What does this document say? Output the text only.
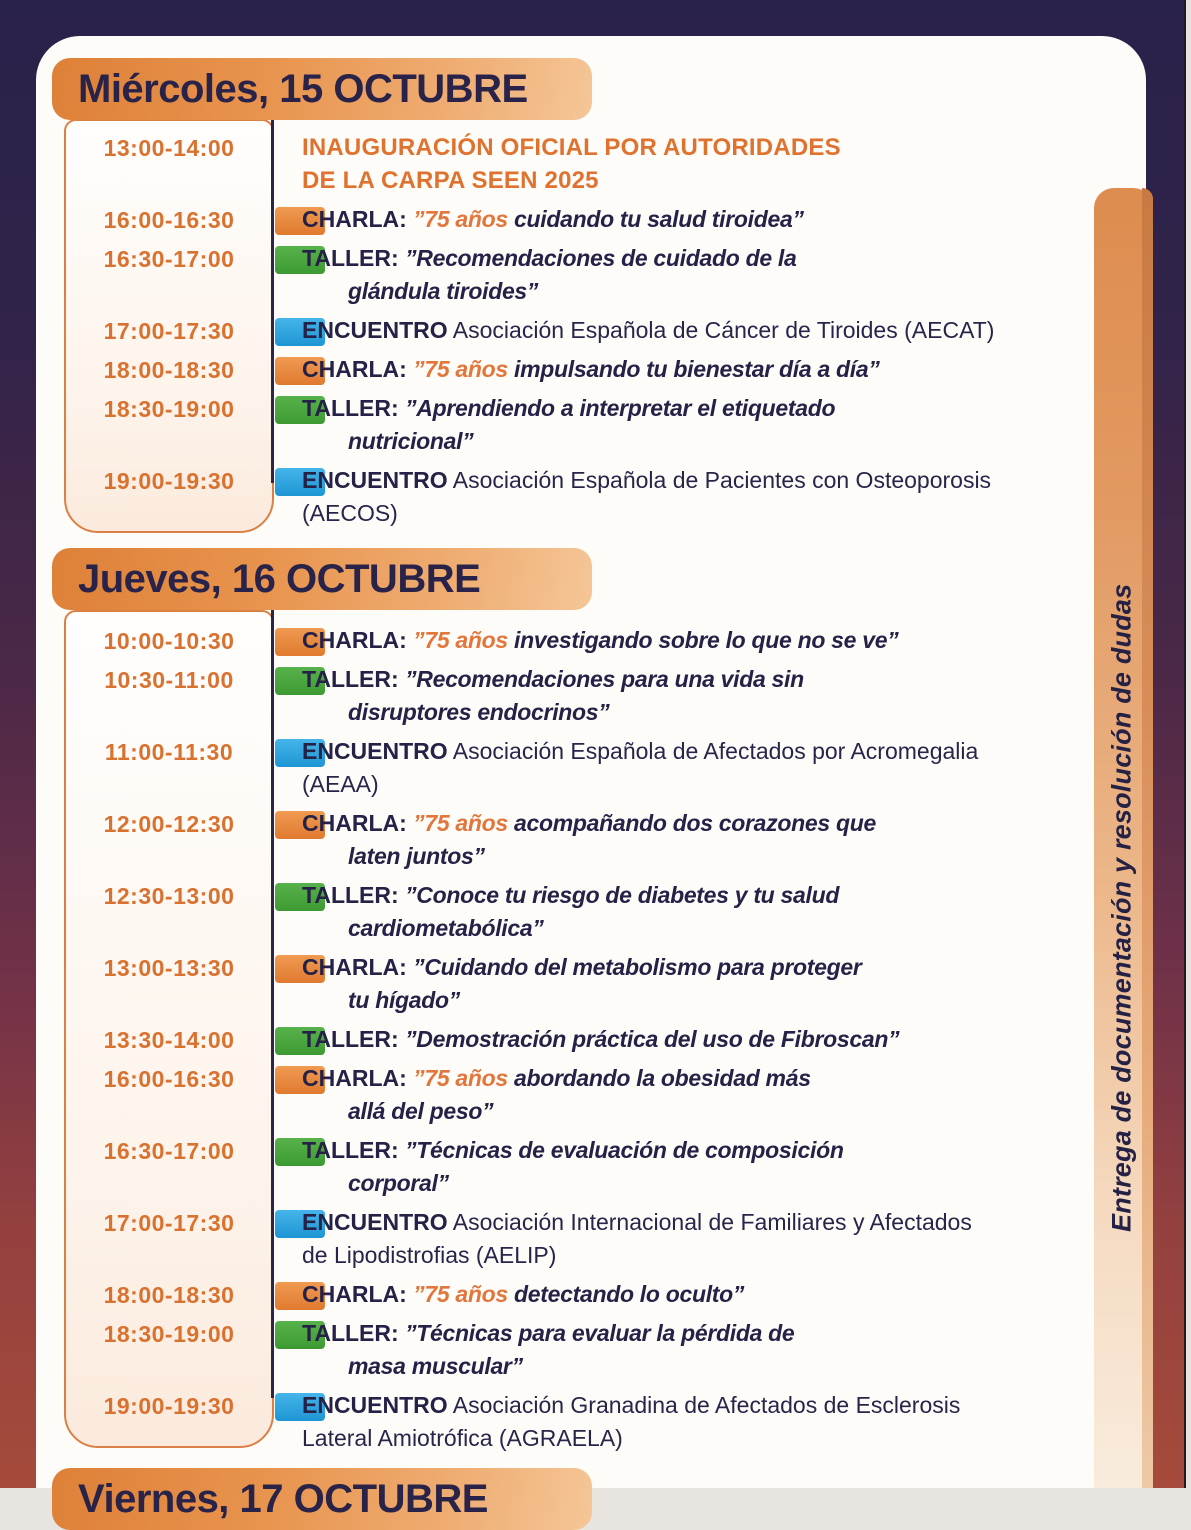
Miércoles, 15 OCTUBRE
13:00-14:00	INAUGURACIÓN OFICIAL POR AUTORIDADES
DE LA CARPA SEEN 2025
16:00-16:30	CHARLA: ”75 años cuidando tu salud tiroidea”
16:30-17:00	TALLER: ”Recomendaciones de cuidado de la
glándula tiroides”
17:00-17:30	ENCUENTRO Asociación Española de Cáncer de Tiroides (AECAT)
18:00-18:30	CHARLA: ”75 años impulsando tu bienestar día a día”
18:30-19:00	TALLER: ”Aprendiendo a interpretar el etiquetado
nutricional”
19:00-19:30	ENCUENTRO Asociación Española de Pacientes con Osteoporosis
(AECOS)
Jueves, 16 OCTUBRE
10:00-10:30	CHARLA: ”75 años investigando sobre lo que no se ve”
10:30-11:00	TALLER: ”Recomendaciones para una vida sin
disruptores endocrinos”
11:00-11:30	ENCUENTRO Asociación Española de Afectados por Acromegalia
(AEAA)
12:00-12:30	CHARLA: ”75 años acompañando dos corazones que
laten juntos”
12:30-13:00	TALLER: ”Conoce tu riesgo de diabetes y tu salud
cardiometabólica”
13:00-13:30	CHARLA: ”Cuidando del metabolismo para proteger
tu hígado”
13:30-14:00	TALLER: ”Demostración práctica del uso de Fibroscan”
16:00-16:30	CHARLA: ”75 años abordando la obesidad más
allá del peso”
16:30-17:00	TALLER: ”Técnicas de evaluación de composición
corporal”
17:00-17:30	ENCUENTRO Asociación Internacional de Familiares y Afectados
de Lipodistrofias (AELIP)
18:00-18:30	CHARLA: ”75 años detectando lo oculto”
18:30-19:00	TALLER: ”Técnicas para evaluar la pérdida de
masa muscular”
19:00-19:30	ENCUENTRO Asociación Granadina de Afectados de Esclerosis
Lateral Amiotrófica (AGRAELA)
Viernes, 17 OCTUBRE
Entrega de documentación y resolución de dudas
